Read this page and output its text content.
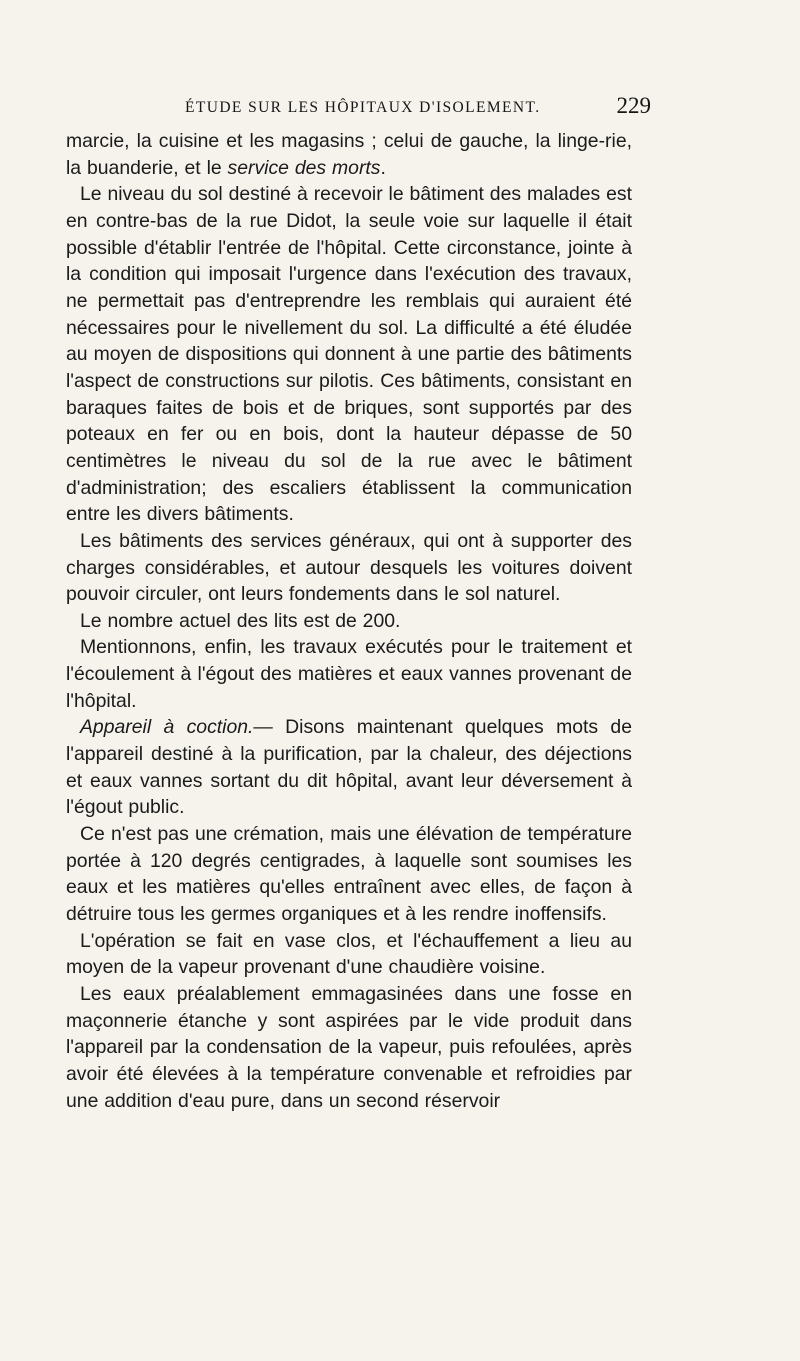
ÉTUDE SUR LES HÔPITAUX D'ISOLEMENT.	229

marcie, la cuisine et les magasins ; celui de gauche, la linge-rie, la buanderie, et le service des morts.

Le niveau du sol destiné à recevoir le bâtiment des malades est en contre-bas de la rue Didot, la seule voie sur laquelle il était possible d'établir l'entrée de l'hôpital. Cette circonstance, jointe à la condition qui imposait l'urgence dans l'exécution des travaux, ne permettait pas d'entreprendre les remblais qui auraient été nécessaires pour le nivellement du sol. La difficulté a été éludée au moyen de dispositions qui donnent à une partie des bâtiments l'aspect de constructions sur pilotis. Ces bâtiments, consistant en baraques faites de bois et de briques, sont supportés par des poteaux en fer ou en bois, dont la hauteur dépasse de 50 centimètres le niveau du sol de la rue avec le bâtiment d'administration; des escaliers établissent la communication entre les divers bâtiments.

Les bâtiments des services généraux, qui ont à supporter des charges considérables, et autour desquels les voitures doivent pouvoir circuler, ont leurs fondements dans le sol naturel.

Le nombre actuel des lits est de 200.

Mentionnons, enfin, les travaux exécutés pour le traitement et l'écoulement à l'égout des matières et eaux vannes provenant de l'hôpital.

Appareil à coction.— Disons maintenant quelques mots de l'appareil destiné à la purification, par la chaleur, des déjections et eaux vannes sortant du dit hôpital, avant leur déversement à l'égout public.

Ce n'est pas une crémation, mais une élévation de température portée à 120 degrés centigrades, à laquelle sont soumises les eaux et les matières qu'elles entraînent avec elles, de façon à détruire tous les germes organiques et à les rendre inoffensifs.

L'opération se fait en vase clos, et l'échauffement a lieu au moyen de la vapeur provenant d'une chaudière voisine.

Les eaux préalablement emmagasinées dans une fosse en maçonnerie étanche y sont aspirées par le vide produit dans l'appareil par la condensation de la vapeur, puis refoulées, après avoir été élevées à la température convenable et refroidies par une addition d'eau pure, dans un second réservoir
